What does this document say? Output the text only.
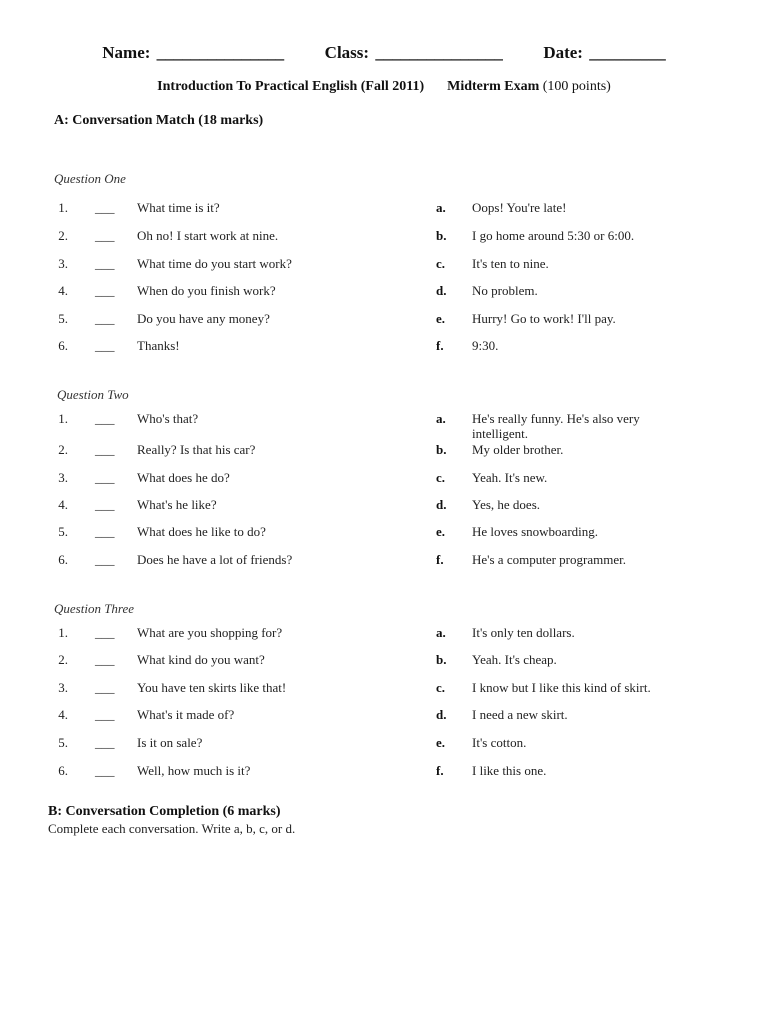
Name: _______________ Class: _______________ Date: _________
Introduction To Practical English (Fall 2011) Midterm Exam (100 points)
A: Conversation Match (18 marks)
Question One
1. ___ What time is it?	a. Oops! You're late!
2. ___ Oh no! I start work at nine.	b. I go home around 5:30 or 6:00.
3. ___ What time do you start work?	c. It's ten to nine.
4. ___ When do you finish work?	d. No problem.
5. ___ Do you have any money?	e. Hurry! Go to work! I'll pay.
6. ___ Thanks!	f. 9:30.
Question Two
1. ___ Who's that?	a. He's really funny. He's also very intelligent.
2. ___ Really? Is that his car?	b. My older brother.
3. ___ What does he do?	c. Yeah. It's new.
4. ___ What's he like?	d. Yes, he does.
5. ___ What does he like to do?	e. He loves snowboarding.
6. ___ Does he have a lot of friends?	f. He's a computer programmer.
Question Three
1. ___ What are you shopping for?	a. It's only ten dollars.
2. ___ What kind do you want?	b. Yeah. It's cheap.
3. ___ You have ten skirts like that!	c. I know but I like this kind of skirt.
4. ___ What's it made of?	d. I need a new skirt.
5. ___ Is it on sale?	e. It's cotton.
6. ___ Well, how much is it?	f. I like this one.
B: Conversation Completion (6 marks)
Complete each conversation. Write a, b, c, or d.
